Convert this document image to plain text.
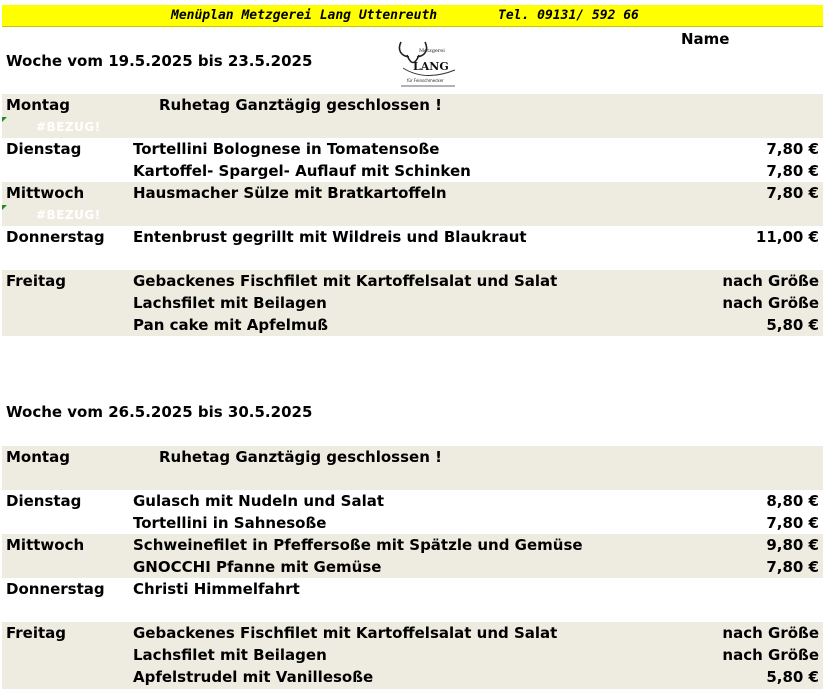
Menüplan Metzgerei Lang Uttenreuth	Tel. 09131/ 592 66
Name
Woche vom 19.5.2025 bis 23.5.2025
Metzgerei
LANG
für Feinschmecker
#BEZUG!
#BEZUG!
Montag	Ruhetag Ganztägig geschlossen !
Dienstag	Tortellini Bolognese in Tomatensoße	7,80 €
Kartoffel- Spargel- Auflauf mit Schinken	7,80 €
Mittwoch	Hausmacher Sülze mit Bratkartoffeln	7,80 €
Donnerstag Entenbrust gegrillt mit Wildreis und Blaukraut	11,00 €
Freitag	Gebackenes Fischfilet mit Kartoffelsalat und Salat	nach Größe
Lachsfilet mit Beilagen	nach Größe
Pan cake mit Apfelmuß	5,80 €
Woche vom 26.5.2025 bis 30.5.2025
Montag	Ruhetag Ganztägig geschlossen !
Dienstag	Gulasch mit Nudeln und Salat	8,80 €
Tortellini in Sahnesoße	7,80 €
Mittwoch	Schweinefilet in Pfeffersoße mit Spätzle und Gemüse	9,80 €
GNOCCHI Pfanne mit Gemüse	7,80 €
Donnerstag Christi Himmelfahrt
Freitag	Gebackenes Fischfilet mit Kartoffelsalat und Salat	nach Größe
Lachsfilet mit Beilagen	nach Größe
Apfelstrudel mit Vanillesoße	5,80 €
